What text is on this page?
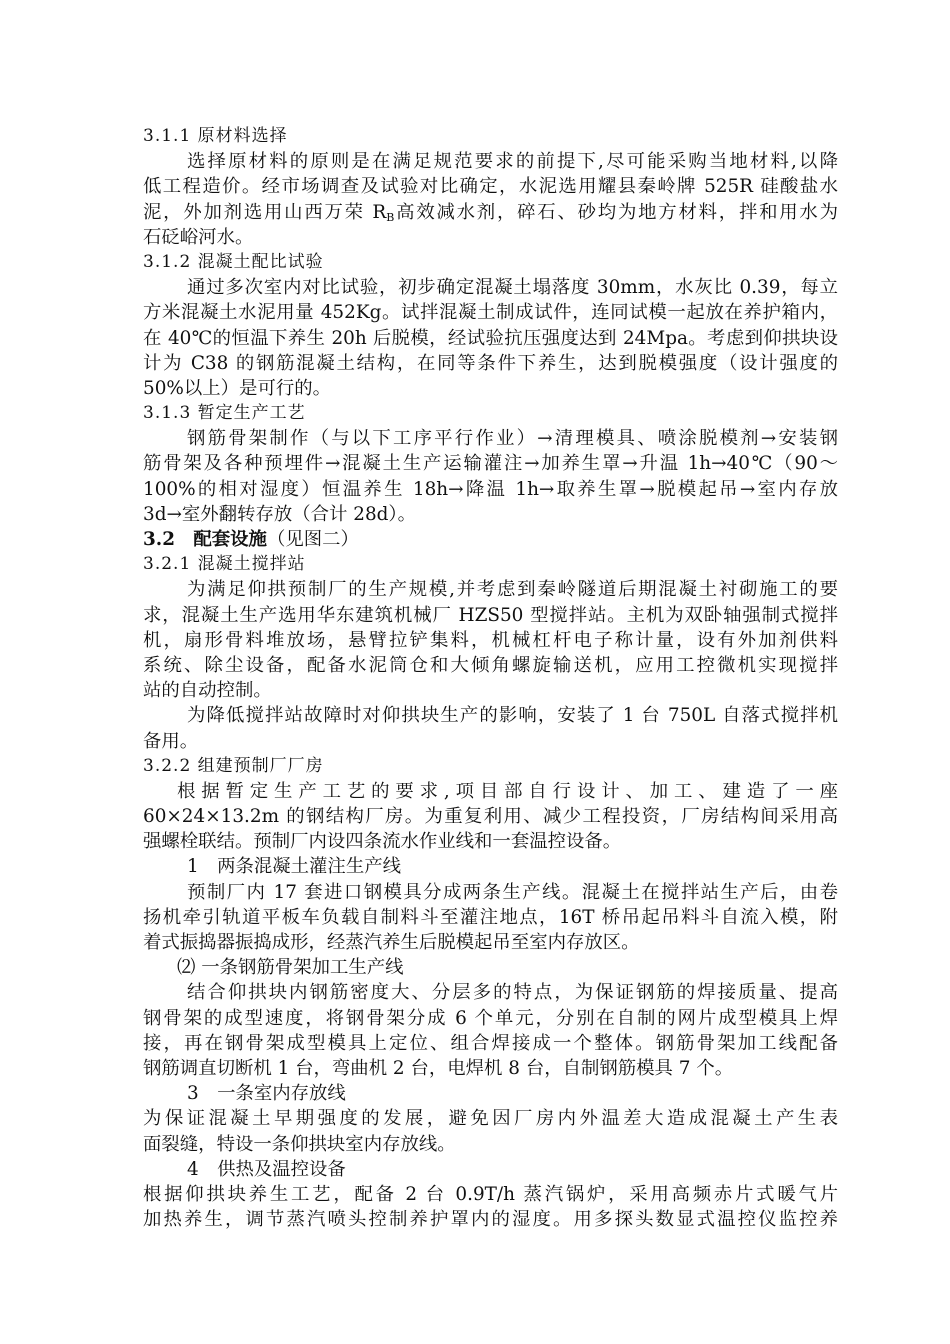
3.1.1 原材料选择
选择原材料的原则是在满足规范要求的前提下,尽可能采购当地材料,以降
低工程造价。经市场调查及试验对比确定，水泥选用耀县秦岭牌 525R 硅酸盐水
泥，外加剂选用山西万荣 $R_B$高效减水剂，碎石、砂均为地方材料，拌和用水为
石砭峪河水。
3.1.2 混凝土配比试验
通过多次室内对比试验，初步确定混凝土塌落度 30mm，水灰比 0.39，每立
方米混凝土水泥用量 452Kg。试拌混凝土制成试件，连同试模一起放在养护箱内，
在 40℃的恒温下养生 20h 后脱模，经试验抗压强度达到 24Mpa。考虑到仰拱块设
计为 C38 的钢筋混凝土结构，在同等条件下养生，达到脱模强度（设计强度的
50%以上）是可行的。
3.1.3 暂定生产工艺
钢筋骨架制作（与以下工序平行作业）→清理模具、喷涂脱模剂→安装钢
筋骨架及各种预埋件→混凝土生产运输灌注→加养生罩→升温 1h→40℃（90～
100%的相对湿度）恒温养生 18h→降温 1h→取养生罩→脱模起吊→室内存放
3d→室外翻转存放（合计 28d）。
3.2　配套设施（见图二）
3.2.1 混凝土搅拌站
为满足仰拱预制厂的生产规模,并考虑到秦岭隧道后期混凝土衬砌施工的要
求，混凝土生产选用华东建筑机械厂 HZS50 型搅拌站。主机为双卧轴强制式搅拌
机，扇形骨料堆放场，悬臂拉铲集料，机械杠杆电子称计量，设有外加剂供料
系统、除尘设备，配备水泥筒仓和大倾角螺旋输送机，应用工控微机实现搅拌
站的自动控制。
为降低搅拌站故障时对仰拱块生产的影响，安装了 1 台 750L 自落式搅拌机
备用。
3.2.2 组建预制厂厂房
根据暂定生产工艺的要求,项目部自行设计、加工、建造了一座
60×24×13.2m 的钢结构厂房。为重复利用、减少工程投资，厂房结构间采用高
强螺栓联结。预制厂内设四条流水作业线和一套温控设备。
1　两条混凝土灌注生产线
预制厂内 17 套进口钢模具分成两条生产线。混凝土在搅拌站生产后，由卷
扬机牵引轨道平板车负载自制料斗至灌注地点，16T 桥吊起吊料斗自流入模，附
着式振捣器振捣成形，经蒸汽养生后脱模起吊至室内存放区。
⑵ 一条钢筋骨架加工生产线
结合仰拱块内钢筋密度大、分层多的特点，为保证钢筋的焊接质量、提高
钢骨架的成型速度，将钢骨架分成 6 个单元，分别在自制的网片成型模具上焊
接，再在钢骨架成型模具上定位、组合焊接成一个整体。钢筋骨架加工线配备
钢筋调直切断机 1 台，弯曲机 2 台，电焊机 8 台，自制钢筋模具 7 个。
3　一条室内存放线
为保证混凝土早期强度的发展，避免因厂房内外温差大造成混凝土产生表
面裂缝，特设一条仰拱块室内存放线。
4　供热及温控设备
根据仰拱块养生工艺，配备 2 台 0.9T/h 蒸汽锅炉，采用高频赤片式暖气片
加热养生，调节蒸汽喷头控制养护罩内的湿度。用多探头数显式温控仪监控养
